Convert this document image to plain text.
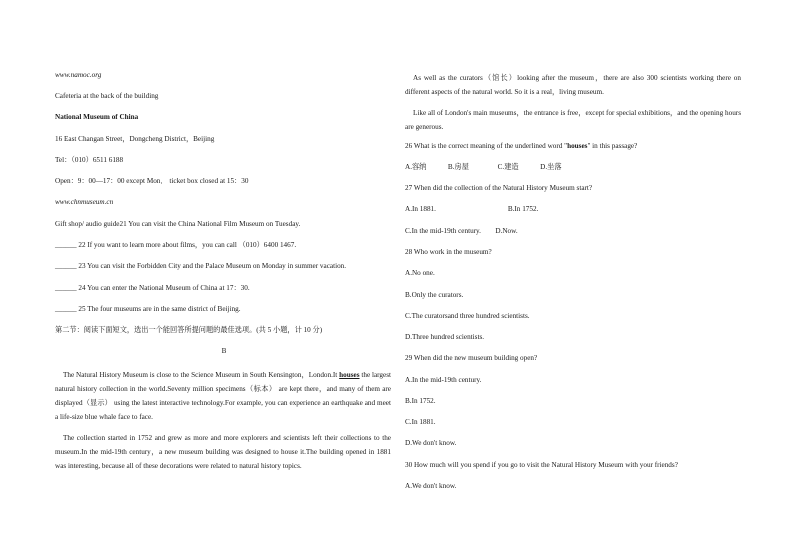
www.namoc.org
Cafeteria at the back of the building
National Museum of China
16 East Changan Street，Dongcheng District，Beijing
Tel：（010）6511 6188
Open：9：00—17：00 except Mon． ticket box closed at 15：30
www.chnmuseum.cn
Gift shop/ audio guide21 You can visit the China National Film Museum on Tuesday.
______ 22 If you want to learn more about films，you can call （010）6400 1467.
______ 23 You can visit the Forbidden City and the Palace Museum on Monday in summer vacation.
______ 24 You can enter the National Museum of China at 17：30.
______ 25 The four museums are in the same district of Beijing.
第二节：阅读下面短文，选出一个能回答所提问题的最佳选项。(共 5 小题，计 10 分)
B
The Natural History Museum is close to the Science Museum in South Kensington，London.It houses the largest natural history collection in the world.Seventy million specimens（标本） are kept there，and many of them are displayed（显示） using the latest interactive technology.For example, you can experience an earthquake and meet a life-size blue whale face to face.
The collection started in 1752 and grew as more and more explorers and scientists left their collections to the museum.In the mid-19th century，a new museum building was designed to house it.The building opened in 1881 was interesting, because all of these decorations were related to natural history topics.
As well as the curators（馆长）looking after the museum，there are also 300 scientists working there on different aspects of the natural world. So it is a real，living museum.
Like all of London's main museums，the entrance is free，except for special exhibitions，and the opening hours are generous.
26 What is the correct meaning of the underlined word "houses" in this passage?
A.容纳　　　B.房屋　　　　C.建造　　　D.坐落
27 When did the collection of the Natural History Museum start?
A.In 1881.　　　　　　　　　　B.In 1752.
C.In the mid-19th century.　　D.Now.
28 Who work in the museum?
A.No one.
B.Only the curators.
C.The curatorsand three hundred scientists.
D.Three hundred scientists.
29 When did the new museum building open?
A.In the mid-19th century.
B.In 1752.
C.In 1881.
D.We don't know.
30 How much will you spend if you go to visit the Natural History Museum with your friends?
A.We don't know.
